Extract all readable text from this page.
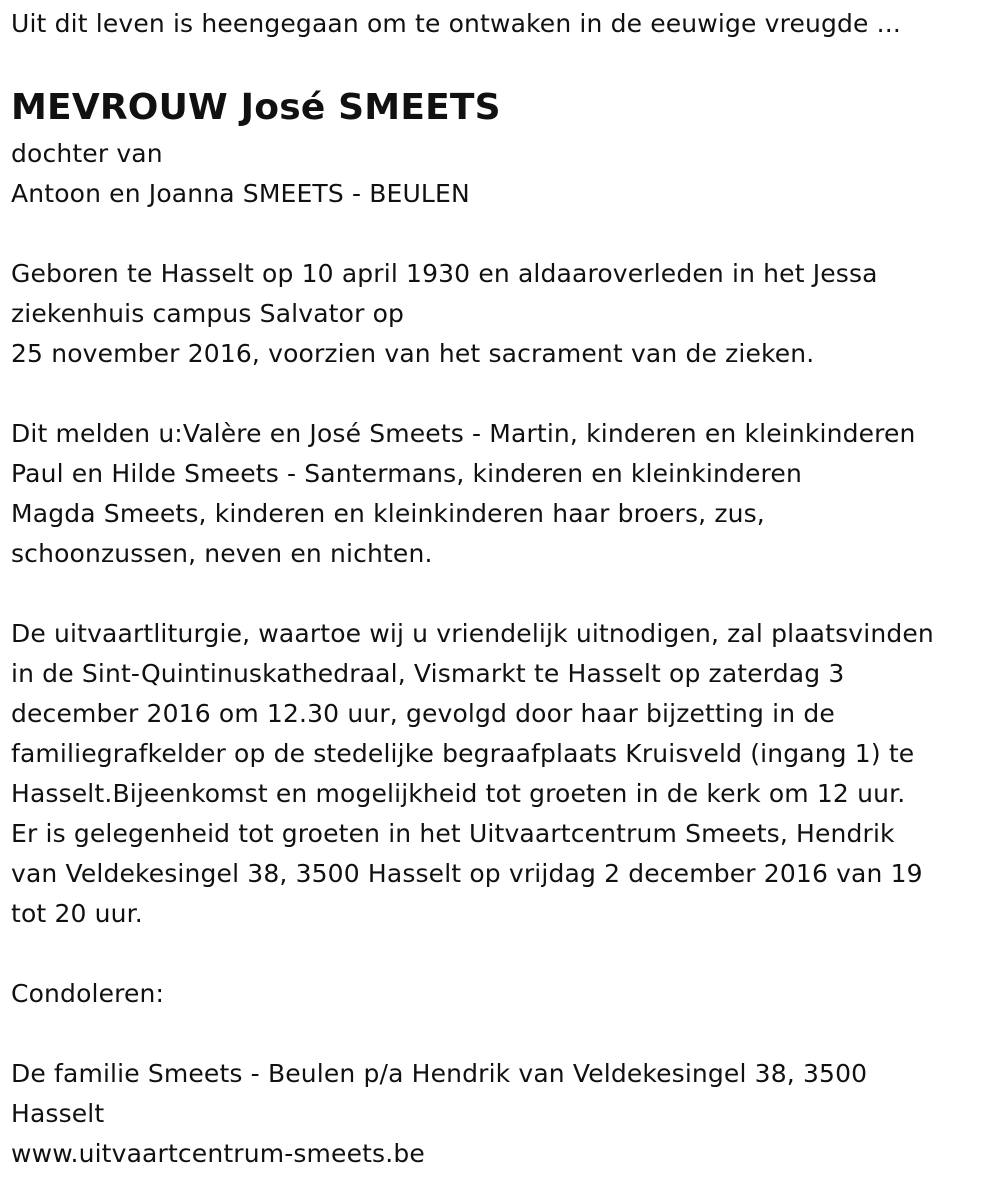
Uit dit leven is heengegaan om te ontwaken in de eeuwige vreugde ...
MEVROUW José SMEETS
dochter van
Antoon en Joanna SMEETS - BEULEN
Geboren te Hasselt op 10 april 1930 en aldaaroverleden in het Jessa
ziekenhuis campus Salvator op
25 november 2016, voorzien van het sacrament van de zieken.
Dit melden u:Valère en José Smeets - Martin, kinderen en kleinkinderen
Paul en Hilde Smeets - Santermans, kinderen en kleinkinderen
Magda Smeets, kinderen en kleinkinderen haar broers, zus,
schoonzussen, neven en nichten.
De uitvaartliturgie, waartoe wij u vriendelijk uitnodigen, zal plaatsvinden
in de Sint-Quintinuskathedraal, Vismarkt te Hasselt op zaterdag 3
december 2016 om 12.30 uur, gevolgd door haar bijzetting in de
familiegrafkelder op de stedelijke begraafplaats Kruisveld (ingang 1) te
Hasselt.Bijeenkomst en mogelijkheid tot groeten in de kerk om 12 uur.
Er is gelegenheid tot groeten in het Uitvaartcentrum Smeets, Hendrik
van Veldekesingel 38, 3500 Hasselt op vrijdag 2 december 2016 van 19
tot 20 uur.
Condoleren:
De familie Smeets - Beulen p/a Hendrik van Veldekesingel 38, 3500
Hasselt
www.uitvaartcentrum-smeets.be
